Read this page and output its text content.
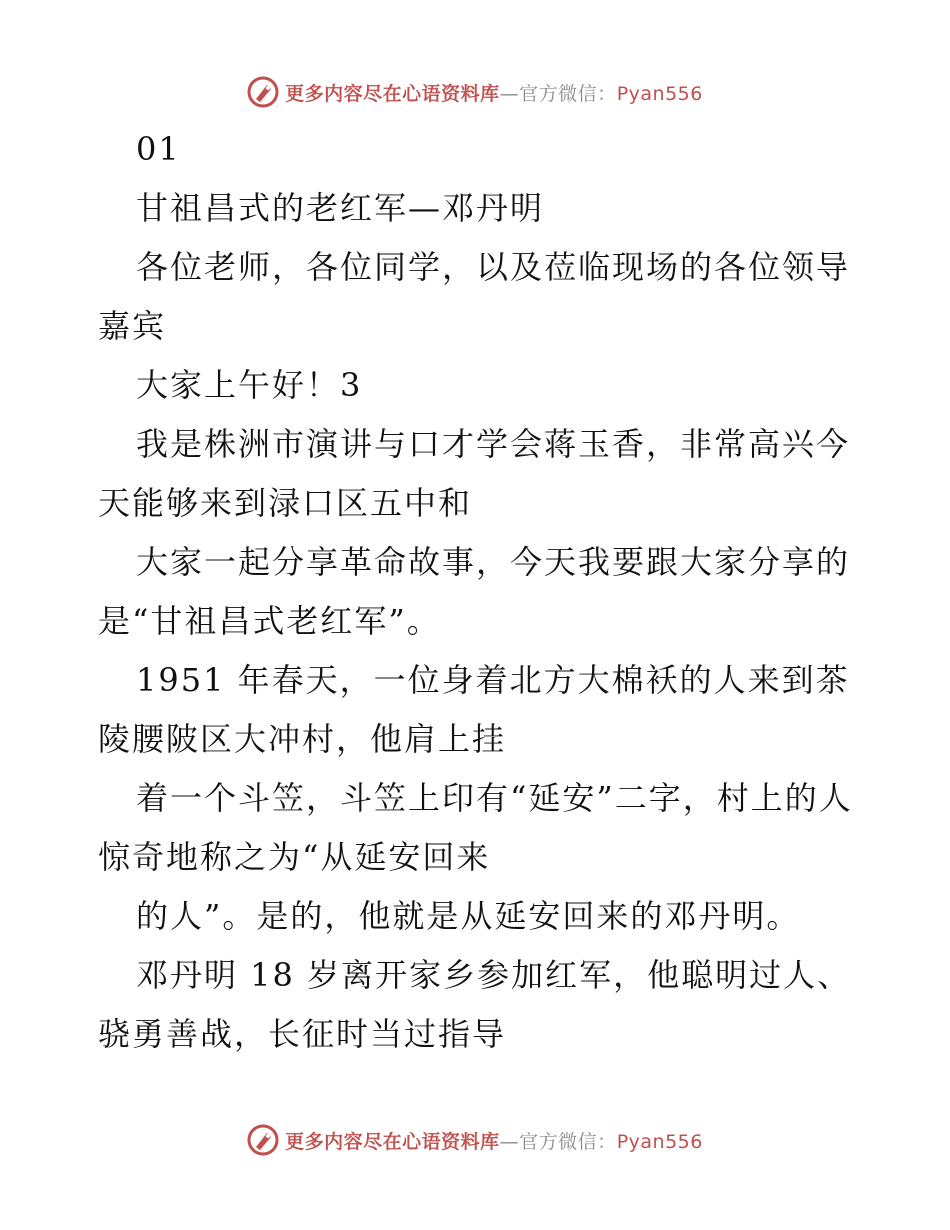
更多内容尽在心语资料库—官方微信：Pyan556

01

甘祖昌式的老红军—邓丹明

各位老师，各位同学，以及莅临现场的各位领导嘉宾

大家上午好！3

我是株洲市演讲与口才学会蒋玉香，非常高兴今天能够来到渌口区五中和

大家一起分享革命故事，今天我要跟大家分享的是“甘祖昌式老红军”。

1951 年春天，一位身着北方大棉袄的人来到茶陵腰陂区大冲村，他肩上挂

着一个斗笠，斗笠上印有“延安”二字，村上的人惊奇地称之为“从延安回来

的人”。是的，他就是从延安回来的邓丹明。

邓丹明 18 岁离开家乡参加红军，他聪明过人、骁勇善战，长征时当过指导

更多内容尽在心语资料库—官方微信：Pyan556
